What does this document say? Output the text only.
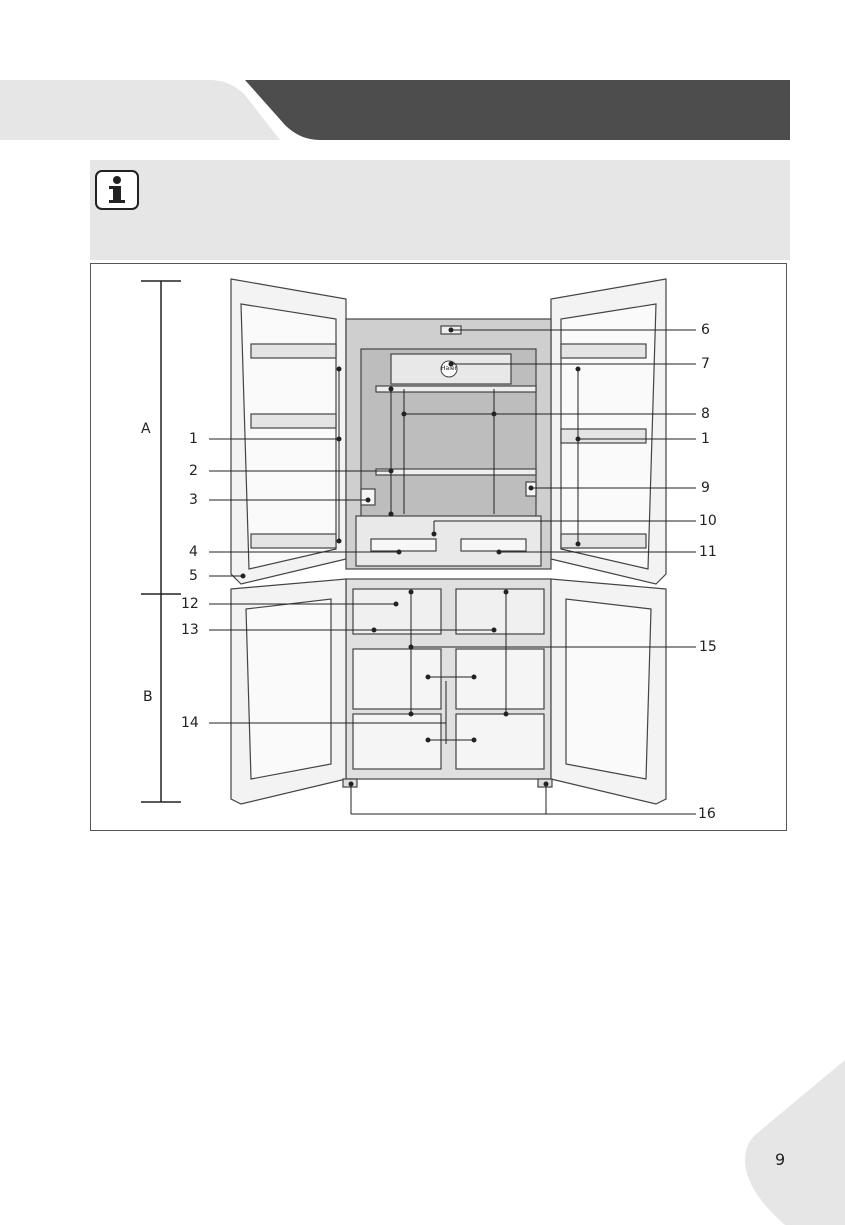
A
B
1
2
3
4
5
12
13
14
6
7
8
1
9
10
11
15
16
Haier
9
